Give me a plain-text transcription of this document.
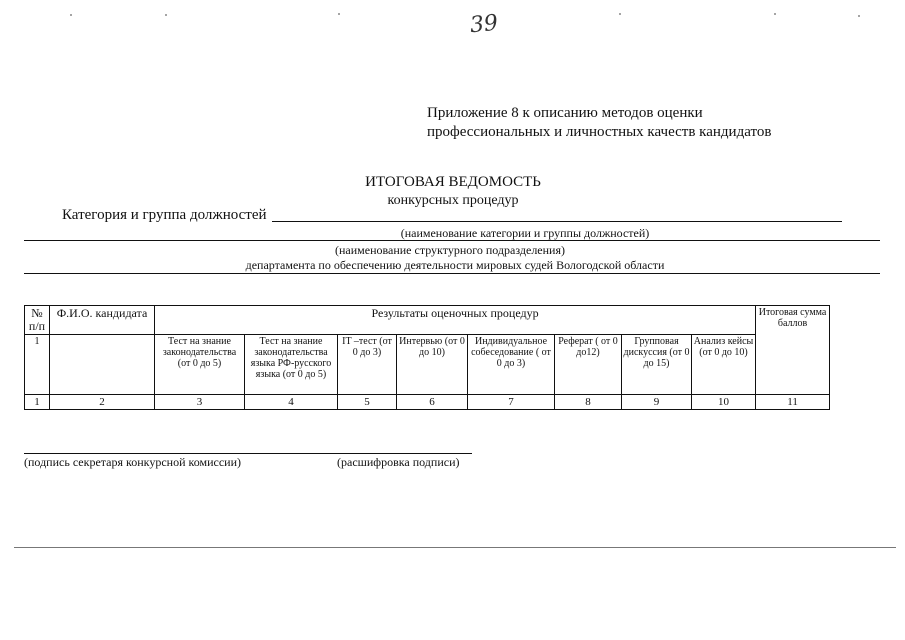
39
Приложение 8 к описанию методов оценки
профессиональных и личностных качеств кандидатов
ИТОГОВАЯ ВЕДОМОСТЬ
конкурсных процедур
Категория и группа должностей
(наименование категории и группы должностей)
(наименование структурного подразделения)
департамента по обеспечению деятельности мировых судей Вологодской области
№ п/п	Ф.И.О. кандидата	Результаты оценочных процедур								Итоговая сумма баллов
1		Тест на знание законодательства (от 0 до 5)	Тест на знание законодательства языка РФ-русского языка (от 0 до 5)	IT –тест (от 0 до 3)	Интервью (от 0 до 10)	Индивидуальное собеседование ( от 0 до 3)	Реферат ( от 0 до12)	Групповая дискуссия (от 0 до 15)	Анализ кейсы (от 0 до 10)	
1	2	3	4	5	6	7	8	9	10	11
(подпись секретаря конкурсной комиссии)	(расшифровка подписи)
